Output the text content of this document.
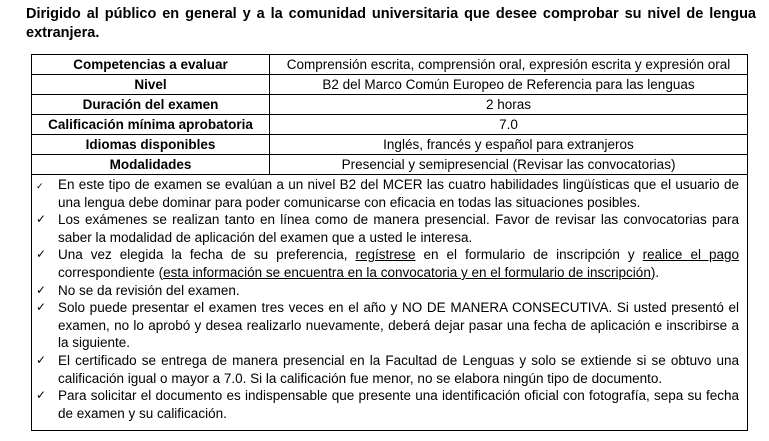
Dirigido al público en general y a la comunidad universitaria que desee comprobar su nivel de lengua extranjera.
Competencias a evaluar	Comprensión escrita, comprensión oral, expresión escrita y expresión oral
Nivel	B2 del Marco Común Europeo de Referencia para las lenguas
Duración del examen	2 horas
Calificación mínima aprobatoria	7.0
Idiomas disponibles	Inglés, francés y español para extranjeros
Modalidades	Presencial y semipresencial (Revisar las convocatorias)
✓ En este tipo de examen se evalúan a un nivel B2 del MCER las cuatro habilidades lingüísticas que el usuario de una lengua debe dominar para poder comunicarse con eficacia en todas las situaciones posibles.
✓ Los exámenes se realizan tanto en línea como de manera presencial. Favor de revisar las convocatorias para saber la modalidad de aplicación del examen que a usted le interesa.
✓ Una vez elegida la fecha de su preferencia, regístrese en el formulario de inscripción y realice el pago correspondiente (esta información se encuentra en la convocatoria y en el formulario de inscripción).
✓ No se da revisión del examen.
✓ Solo puede presentar el examen tres veces en el año y NO DE MANERA CONSECUTIVA. Si usted presentó el examen, no lo aprobó y desea realizarlo nuevamente, deberá dejar pasar una fecha de aplicación e inscribirse a la siguiente.
✓ El certificado se entrega de manera presencial en la Facultad de Lenguas y solo se extiende si se obtuvo una calificación igual o mayor a 7.0. Si la calificación fue menor, no se elabora ningún tipo de documento.
✓ Para solicitar el documento es indispensable que presente una identificación oficial con fotografía, sepa su fecha de examen y su calificación.
